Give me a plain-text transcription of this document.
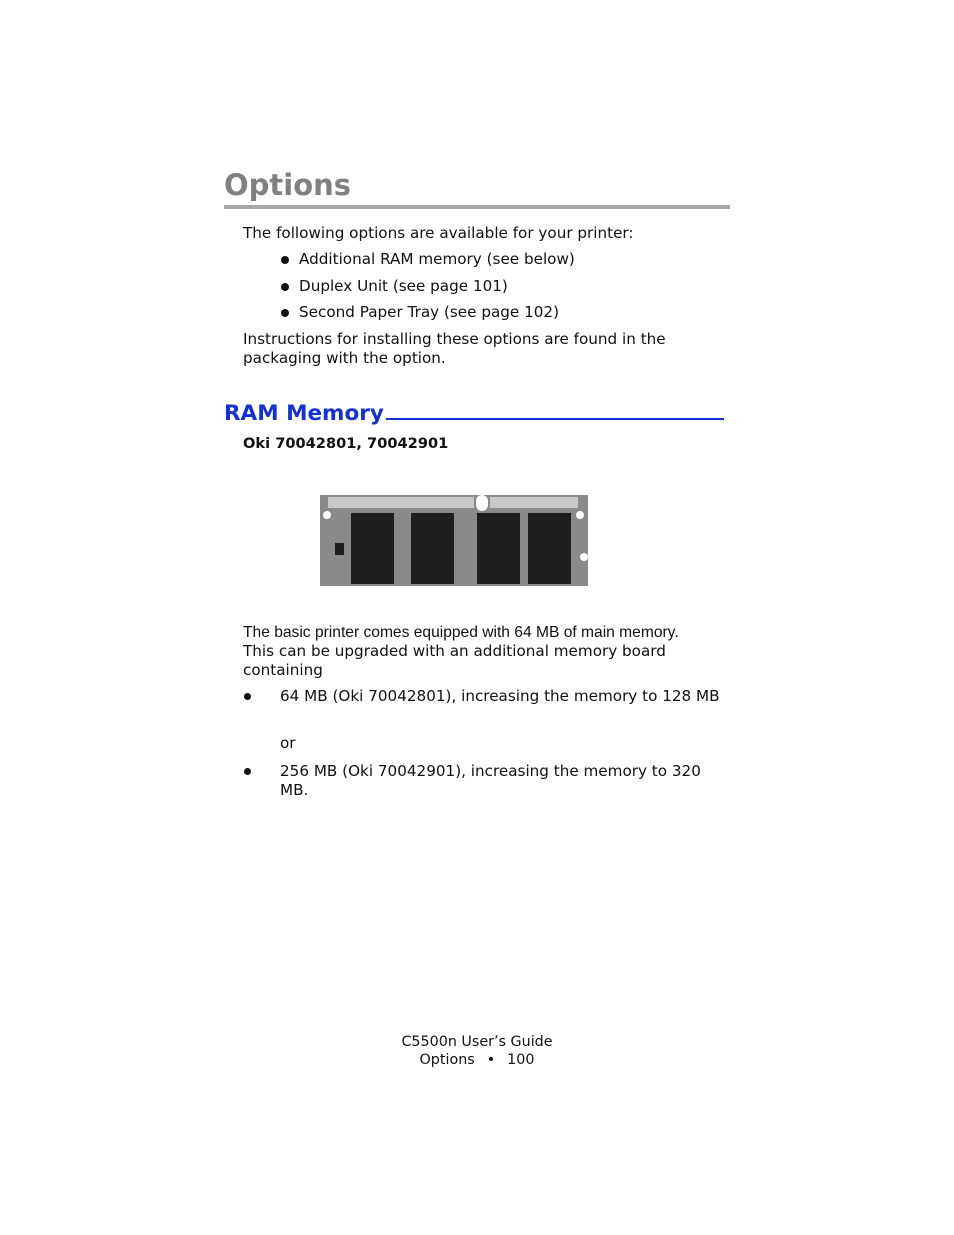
Options
The following options are available for your printer:
Additional RAM memory (see below)
Duplex Unit (see page 101)
Second Paper Tray (see page 102)
Instructions for installing these options are found in the packaging with the option.
RAM Memory
Oki 70042801, 70042901
The basic printer comes equipped with 64 MB of main memory.
This can be upgraded with an additional memory board containing
64 MB (Oki 70042801), increasing the memory to 128 MB
or
256 MB (Oki 70042901), increasing the memory to 320 MB.
C5500n User’s Guide
Options • 100
